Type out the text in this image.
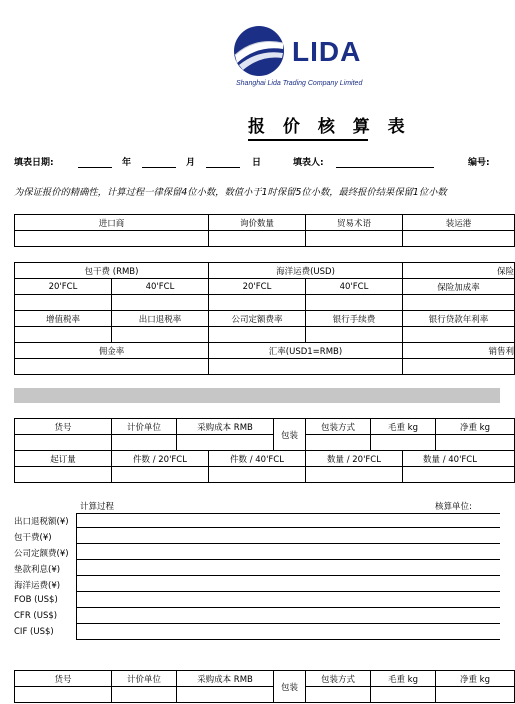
LIDA
Shanghai Lida Trading Company Limited
报 价 核 算 表
填表日期:	年	月	日	填表人:	编号:
为保证报价的精确性，计算过程一律保留4位小数，数值小于1时保留5位小数，最终报价结果保留1位小数
进口商	询价数量	贸易术语	装运港

包干费 (RMB)		海洋运费(USD)		保险
20'FCL	40'FCL	20'FCL	40'FCL	保险加成率

增值税率	出口退税率	公司定额费率	银行手续费	银行贷款年利率

佣金率		汇率(USD1=RMB)		销售利

货号	计价单位	采购成本 RMB	包装	包装方式	毛重 kg	净重 kg

起订量	件数 / 20'FCL	件数 / 40'FCL	数量 / 20'FCL	数量 / 40'FCL

计算过程	核算单位:
出口退税额(¥)
包干费(¥)
公司定额费(¥)
垫款利息(¥)
海洋运费(¥)
FOB (US$)
CFR (US$)
CIF (US$)
货号	计价单位	采购成本 RMB	包装	包装方式	毛重 kg	净重 kg
